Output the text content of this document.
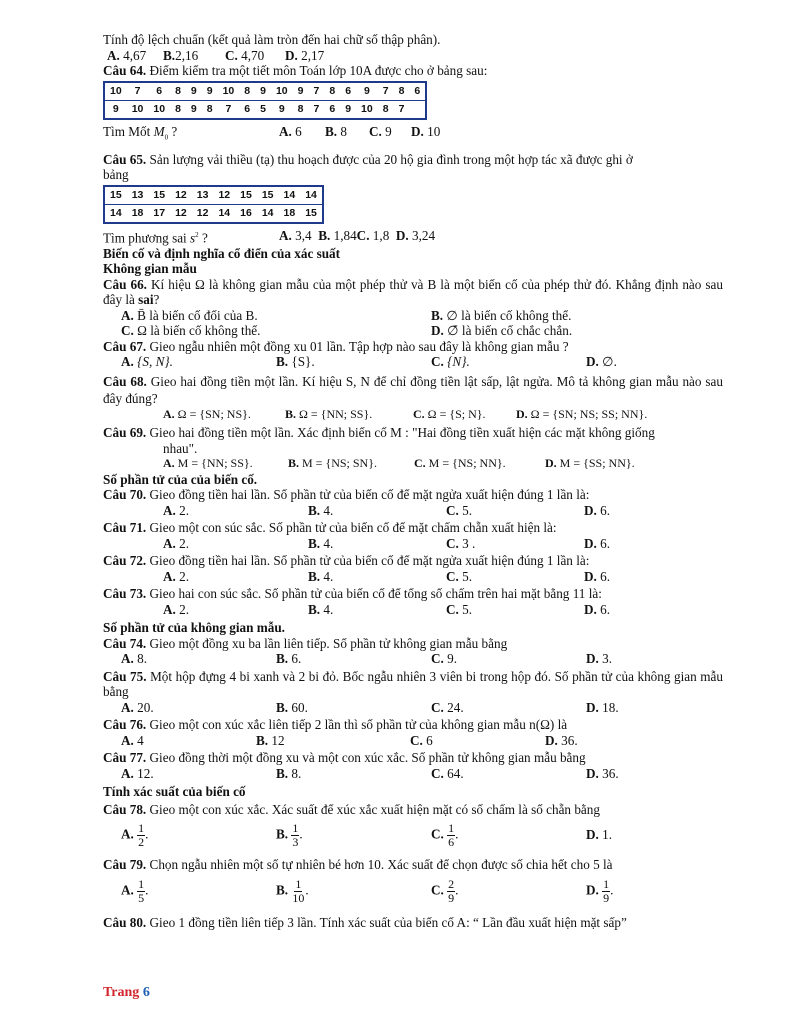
Tính độ lệch chuẩn (kết quả làm tròn đến hai chữ số thập phân).
A. 4,67 B.2,16	C. 4,70	D. 2,17
Câu 64. Điểm kiểm tra một tiết môn Toán lớp 10A được cho ở bảng sau:
10	7	6	8	9	9	10	8	9	10	9	7	8	6	9	7	8	6
9	10	10	8	9	8	7	6	5	9	8	7	6	9	10	8	7	
Tìm Mốt $M_0$ ?	A. 6	B. 8	C. 9	D. 10
Câu 65. Sản lượng vải thiều (tạ) thu hoạch được của 20 hộ gia đình trong một hợp tác xã được ghi ở
bảng
15	13	15	12	13	12	15	15	14	14
14	18	17	12	12	14	16	14	18	15
Tìm phương sai $s^2$ ?	A. 3,4 B. 1,84 C. 1,8 D. 3,24
Biến cố và định nghĩa cổ điển của xác suất
Không gian mẫu
Câu 66. Kí hiệu Ω là không gian mẫu của một phép thử và B là một biến cố của phép thử đó. Khẳng định nào sau đây là sai?
A. B̄ là biến cố đối của B.	B. ∅ là biến cố không thể.
C. Ω là biến cố không thể.	D. ∅̄ là biến cố chắc chắn.
Câu 67. Gieo ngẫu nhiên một đồng xu 01 lần. Tập hợp nào sau đây là không gian mẫu ?
A. {S, N}.	B. {S}.	C. {N}.	D. ∅.
Câu 68. Gieo hai đồng tiền một lần. Kí hiệu S, N để chỉ đồng tiền lật sấp, lật ngửa. Mô tả không gian mẫu nào sau đây đúng?
A. Ω = {SN; NS}.	B. Ω = {NN; SS}.	C. Ω = {S; N}.	D. Ω = {SN; NS; SS; NN}.
Câu 69. Gieo hai đồng tiền một lần. Xác định biến cố M : "Hai đồng tiền xuất hiện các mặt không giống
nhau".
A. M = {NN; SS}.	B. M = {NS; SN}.	C. M = {NS; NN}.	D. M = {SS; NN}.
Số phần tử của của biến cố.
Câu 70. Gieo đồng tiền hai lần. Số phần tử của biến cố để mặt ngửa xuất hiện đúng 1 lần là:
A. 2.	B. 4.	C. 5.	D. 6.
Câu 71. Gieo một con súc sắc. Số phần tử của biến cố để mặt chấm chẵn xuất hiện là:
A. 2.	B. 4.	C. 3 .	D. 6.
Câu 72. Gieo đồng tiền hai lần. Số phần tử của biến cố để mặt ngửa xuất hiện đúng 1 lần là:
A. 2.	B. 4.	C. 5.	D. 6.
Câu 73. Gieo hai con súc sắc. Số phần tử của biến cố để tổng số chấm trên hai mặt bằng 11 là:
A. 2.	B. 4.	C. 5.	D. 6.
Số phần tử của không gian mẫu.
Câu 74. Gieo một đồng xu ba lần liên tiếp. Số phần tử không gian mẫu bằng
A. 8.	B. 6.	C. 9.	D. 3.
Câu 75. Một hộp đựng 4 bi xanh và 2 bi đỏ. Bốc ngẫu nhiên 3 viên bi trong hộp đó. Số phần tử của không gian mẫu bằng
A. 20.	B. 60.	C. 24.	D. 18.
Câu 76. Gieo một con xúc xắc liên tiếp 2 lần thì số phần tử của không gian mẫu n(Ω) là
A. 4	B. 12	C. 6	D. 36.
Câu 77. Gieo đồng thời một đồng xu và một con xúc xắc. Số phần tử không gian mẫu bằng
A. 12.	B. 8.	C. 64.	D. 36.
Tính xác suất của biến cố
Câu 78. Gieo một con xúc xắc. Xác suất để xúc xắc xuất hiện mặt có số chấm là số chẵn bằng
A. $\frac{1}{2}$ .	B. $\frac{1}{3}$ .	C. $\frac{1}{6}$ .	D. 1.
Câu 79. Chọn ngẫu nhiên một số tự nhiên bé hơn 10. Xác suất để chọn được số chia hết cho 5 là
A. $\frac{1}{5}$ .	B. $\frac{1}{10}$ .	C. $\frac{2}{9}$ .	D. $\frac{1}{9}$ .
Câu 80. Gieo 1 đồng tiền liên tiếp 3 lần. Tính xác suất của biến cố A: “ Lần đầu xuất hiện mặt sấp”
Trang 6
